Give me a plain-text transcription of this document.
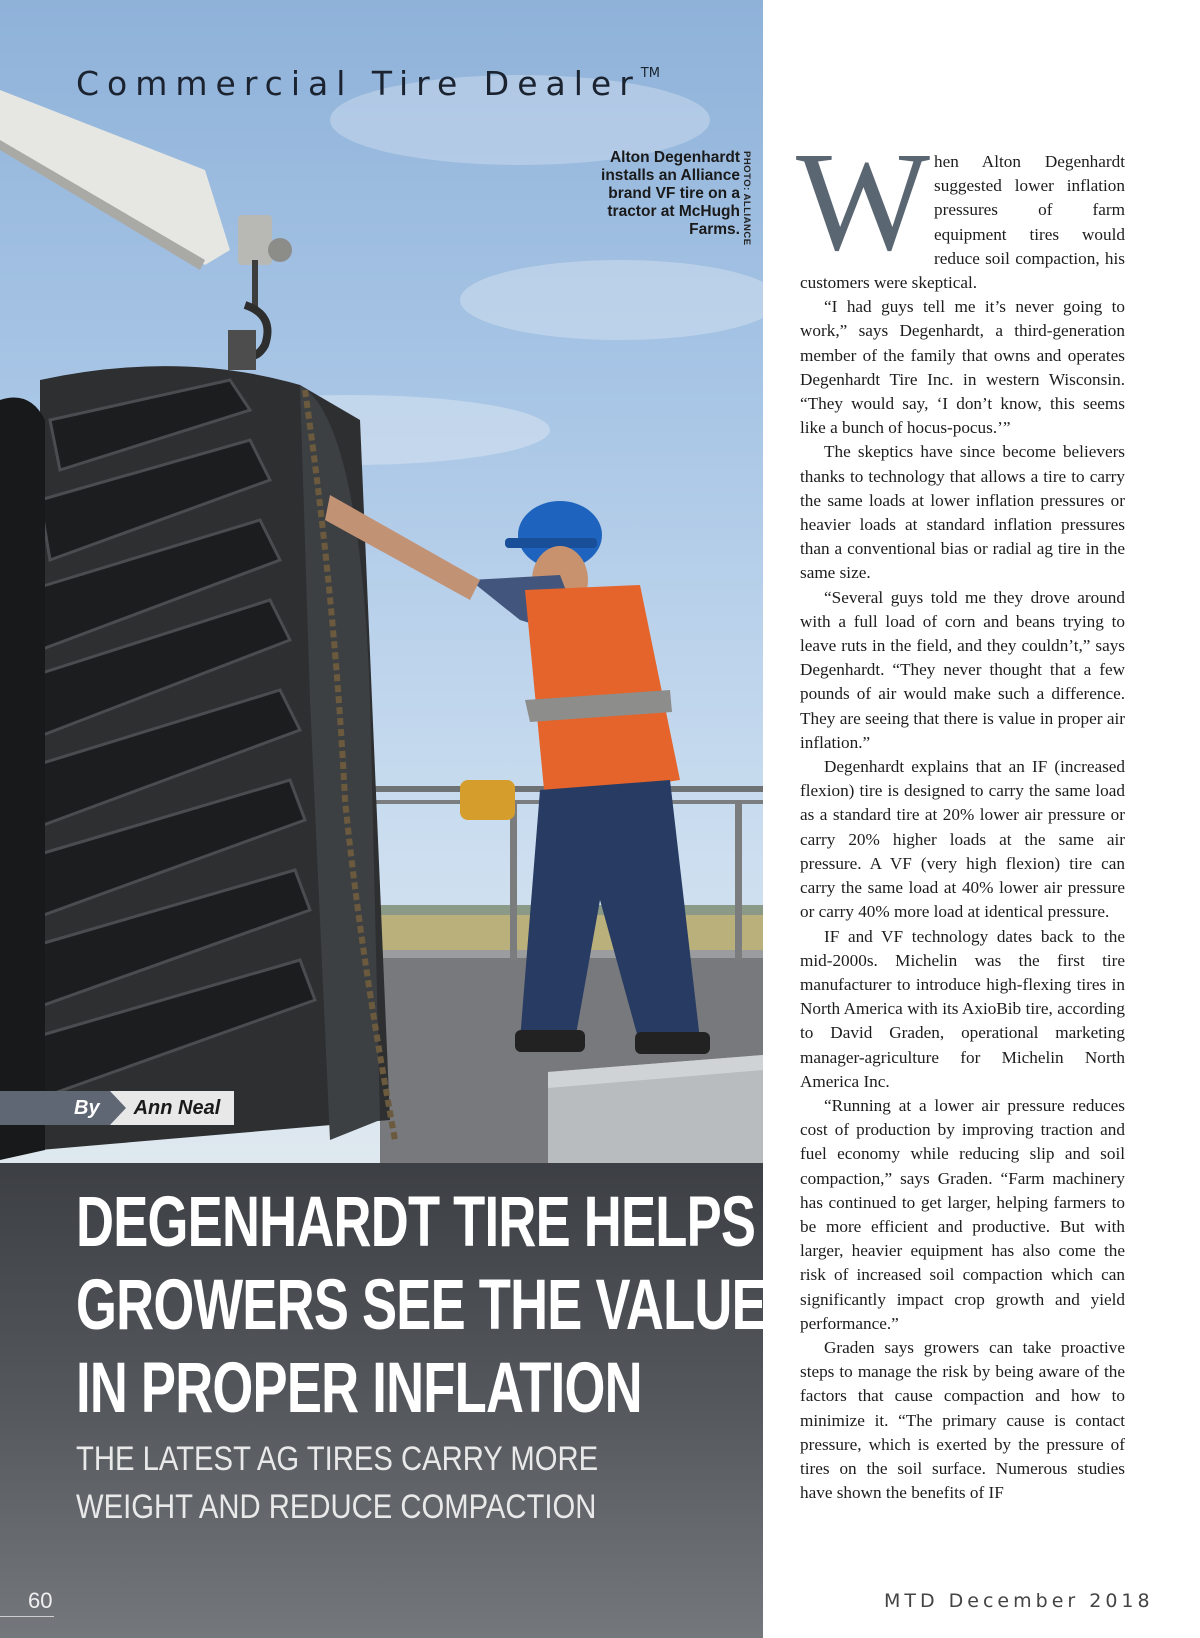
Commercial Tire Dealer™
Alton Degenhardt installs an Alliance brand VF tire on a tractor at McHugh Farms. PHOTO: ALLIANCE
By	Ann Neal
DEGENHARDT TIRE HELPS
GROWERS SEE THE VALUE
IN PROPER INFLATION
THE LATEST AG TIRES CARRY MORE
WEIGHT AND REDUCE COMPACTION
60

When Alton Degenhardt suggested lower inflation pressures of farm equipment tires would reduce soil compaction, his customers were skeptical.

“I had guys tell me it’s never going to work,” says Degenhardt, a third-generation member of the family that owns and operates Degenhardt Tire Inc. in western Wisconsin. “They would say, ‘I don’t know, this seems like a bunch of hocus-pocus.’”

The skeptics have since become believers thanks to technology that allows a tire to carry the same loads at lower inflation pressures or heavier loads at standard inflation pressures than a conventional bias or radial ag tire in the same size.

“Several guys told me they drove around with a full load of corn and beans trying to leave ruts in the field, and they couldn’t,” says Degenhardt. “They never thought that a few pounds of air would make such a difference. They are seeing that there is value in proper air inflation.”

Degenhardt explains that an IF (increased flexion) tire is designed to carry the same load as a standard tire at 20% lower air pressure or carry 20% higher loads at the same air pressure. A VF (very high flexion) tire can carry the same load at 40% lower air pressure or carry 40% more load at identical pressure.

IF and VF technology dates back to the mid-2000s. Michelin was the first tire manufacturer to introduce high-flexing tires in North America with its AxioBib tire, according to David Graden, operational marketing manager-agriculture for Michelin North America Inc.

“Running at a lower air pressure reduces cost of production by improving traction and fuel economy while reducing slip and soil compaction,” says Graden. “Farm machinery has continued to get larger, helping farmers to be more efficient and productive. But with larger, heavier equipment has also come the risk of increased soil compaction which can significantly impact crop growth and yield performance.”

Graden says growers can take proactive steps to manage the risk by being aware of the factors that cause compaction and how to minimize it. “The primary cause is contact pressure, which is exerted by the pressure of tires on the soil surface. Numerous studies have shown the benefits of IF

MTD December 2018
